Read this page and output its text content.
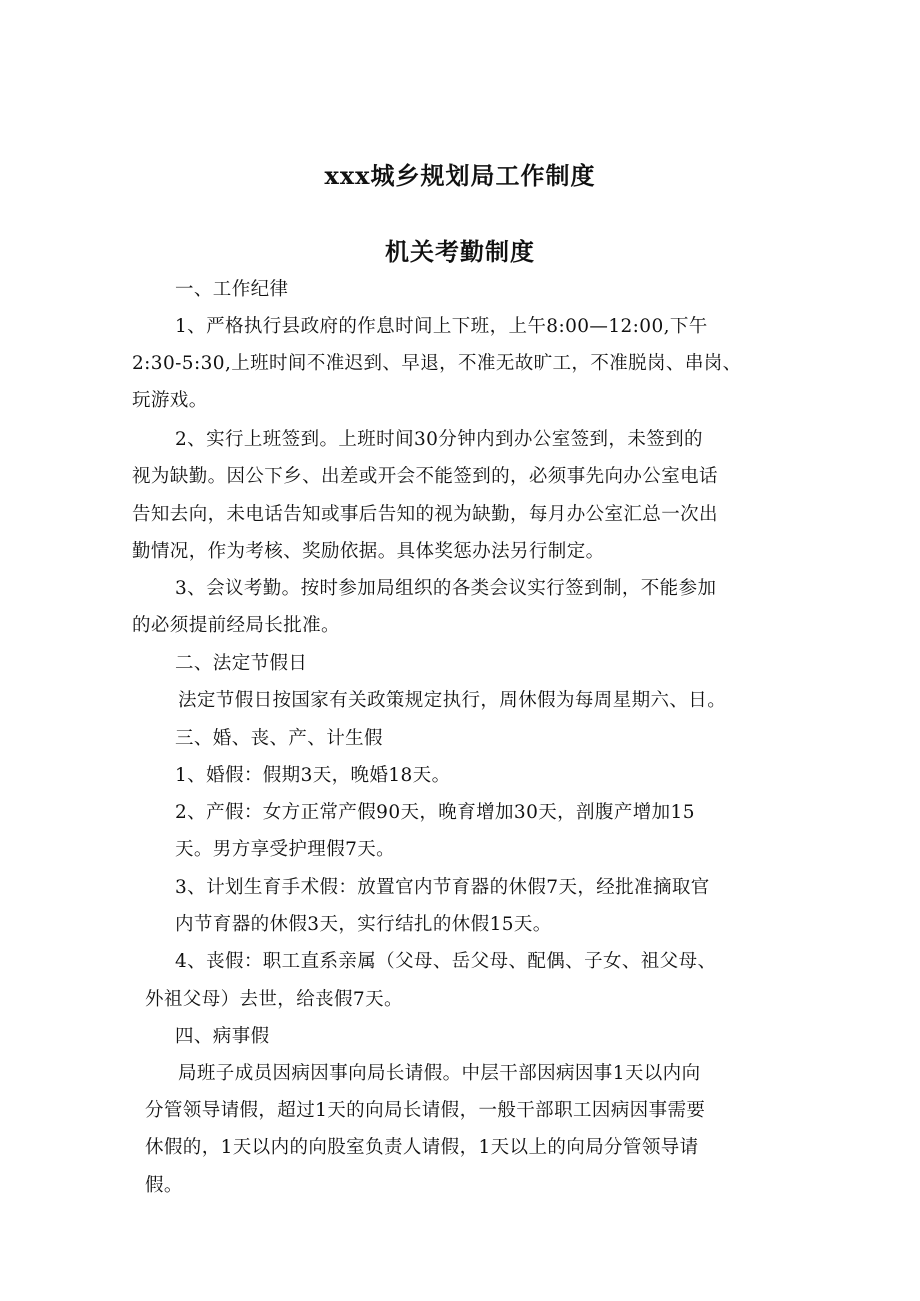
xxx城乡规划局工作制度
机关考勤制度
一、工作纪律
1、严格执行县政府的作息时间上下班，上午8:00—12:00,下午
2:30-5:30,上班时间不准迟到、早退，不准无故旷工，不准脱岗、串岗、
玩游戏。
2、实行上班签到。上班时间30分钟内到办公室签到，未签到的
视为缺勤。因公下乡、出差或开会不能签到的，必须事先向办公室电话
告知去向，未电话告知或事后告知的视为缺勤，每月办公室汇总一次出
勤情况，作为考核、奖励依据。具体奖惩办法另行制定。
3、会议考勤。按时参加局组织的各类会议实行签到制，不能参加
的必须提前经局长批准。
二、法定节假日
法定节假日按国家有关政策规定执行，周休假为每周星期六、日。
三、婚、丧、产、计生假
1、婚假：假期3天，晚婚18天。
2、产假：女方正常产假90天，晚育增加30天，剖腹产增加15
天。男方享受护理假7天。
3、计划生育手术假：放置官内节育器的休假7天，经批准摘取官
内节育器的休假3天，实行结扎的休假15天。
4、丧假：职工直系亲属（父母、岳父母、配偶、子女、祖父母、
外祖父母）去世，给丧假7天。
四、病事假
局班子成员因病因事向局长请假。中层干部因病因事1天以内向
分管领导请假，超过1天的向局长请假，一般干部职工因病因事需要
休假的，1天以内的向股室负责人请假，1天以上的向局分管领导请
假。
